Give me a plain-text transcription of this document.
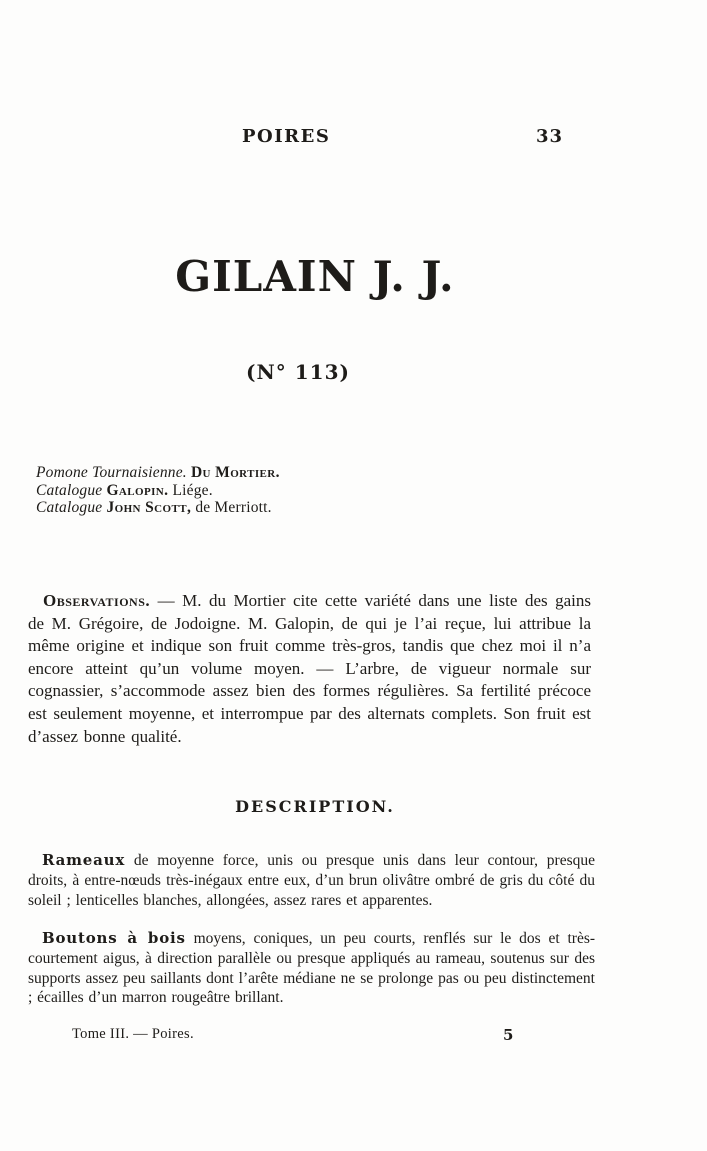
POIRES	33
GILAIN J. J.
(N° 113)
Pomone Tournaisienne. Du Mortier.
Catalogue Galopin. Liége.
Catalogue John Scott, de Merriott.

Observations. — M. du Mortier cite cette variété dans une liste des gains de M. Grégoire, de Jodoigne. M. Galopin, de qui je l’ai reçue, lui attribue la même origine et indique son fruit comme très-gros, tandis que chez moi il n’a encore atteint qu’un volume moyen. — L’arbre, de vigueur normale sur cognassier, s’accommode assez bien des formes régulières. Sa fertilité précoce est seulement moyenne, et interrompue par des alternats complets. Son fruit est d’assez bonne qualité.

DESCRIPTION.

Rameaux de moyenne force, unis ou presque unis dans leur contour, presque droits, à entre-nœuds très-inégaux entre eux, d’un brun olivâtre ombré de gris du côté du soleil ; lenticelles blanches, allongées, assez rares et apparentes.

Boutons à bois moyens, coniques, un peu courts, renflés sur le dos et très-courtement aigus, à direction parallèle ou presque appliqués au rameau, soutenus sur des supports assez peu saillants dont l’arête médiane ne se prolonge pas ou peu distinctement ; écailles d’un marron rougeâtre brillant.

Tome III. — Poires.	5
